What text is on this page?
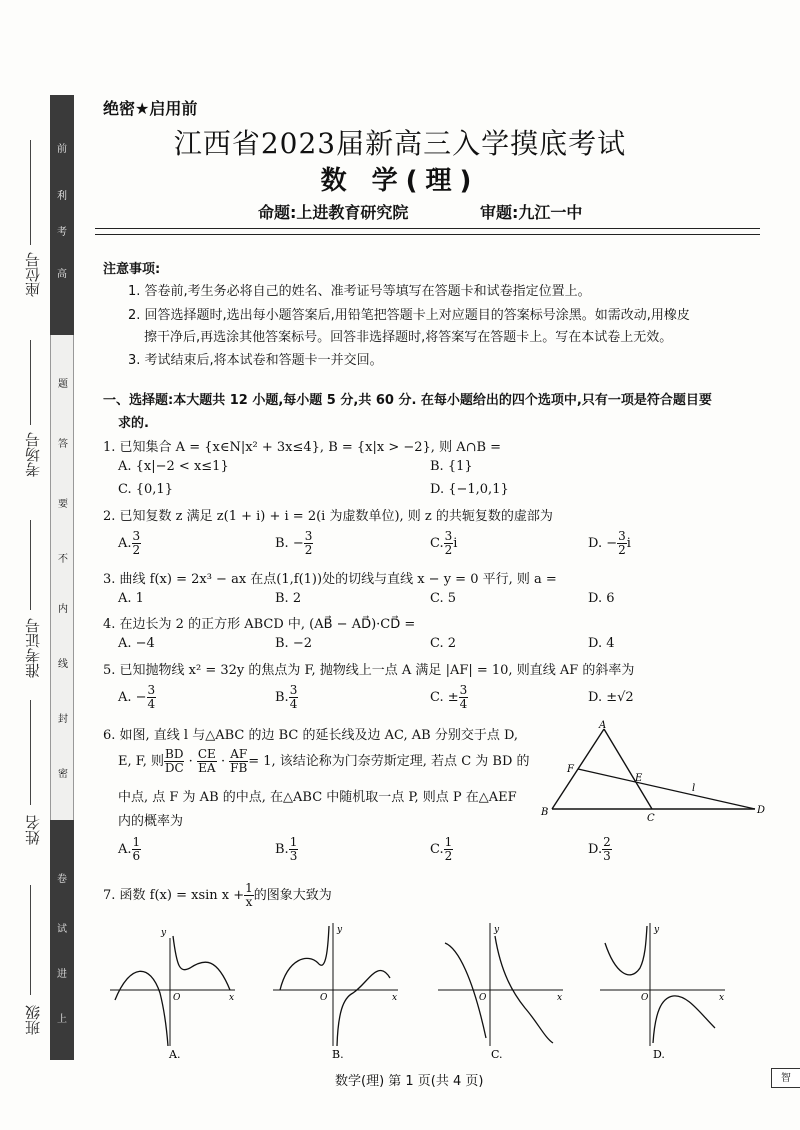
座位号
考场号
准考证号
姓名
班级
前
利
考
高
题
答
要
不
内
线
封
密
卷
试
进
上
绝密★启用前
江西省2023届新高三入学摸底考试
数 学(理)
命题:上进教育研究院	审题:九江一中
注意事项:
1. 答卷前,考生务必将自己的姓名、准考证号等填写在答题卡和试卷指定位置上。
2. 回答选择题时,选出每小题答案后,用铅笔把答题卡上对应题目的答案标号涂黑。如需改动,用橡皮
擦干净后,再选涂其他答案标号。回答非选择题时,将答案写在答题卡上。写在本试卷上无效。
3. 考试结束后,将本试卷和答题卡一并交回。
一、选择题:本大题共 12 小题,每小题 5 分,共 60 分. 在每小题给出的四个选项中,只有一项是符合题目要
求的.
1. 已知集合 A = {x∈N|x² + 3x≤4}, B = {x|x > −2}, 则 A∩B =
A. {x|−2 < x≤1}	B. {1}
C. {0,1}	D. {−1,0,1}
2. 已知复数 z 满足 z(1 + i) + i = 2(i 为虚数单位), 则 z 的共轭复数的虚部为
A. $\frac{3}{2}$	B. − $\frac{3}{2}$	C. $\frac{3}{2}$ i	D. − $\frac{3}{2}$ i
3. 曲线 f(x) = 2x³ − ax 在点(1,f(1))处的切线与直线 x − y = 0 平行, 则 a =
A. 1	B. 2	C. 5	D. 6
4. 在边长为 2 的正方形 ABCD 中, (AB⃗ − AD⃗)·CD⃗ =
A. −4	B. −2	C. 2	D. 4
5. 已知抛物线 x² = 32y 的焦点为 F, 抛物线上一点 A 满足 |AF| = 10, 则直线 AF 的斜率为
A. − $\frac{3}{4}$	B. $\frac{3}{4}$	C. ± $\frac{3}{4}$	D. ±√2
6. 如图, 直线 l 与△ABC 的边 BC 的延长线及边 AC, AB 分别交于点 D,
E, F, 则 $\frac{BD}{DC} \cdot \frac{CE}{EA} \cdot \frac{AF}{FB} = 1$, 该结论称为门奈劳斯定理, 若点 C 为 BD 的
中点, 点 F 为 AB 的中点, 在△ABC 中随机取一点 P, 则点 P 在△AEF
内的概率为
A. $\frac{1}{6}$	B. $\frac{1}{3}$	C. $\frac{1}{2}$	D. $\frac{2}{3}$
A
B
C
D
E
F
l
7. 函数 f(x) = xsin $x + \frac{1}{x}$ 的图象大致为
x
y
O
A.
x
y
O
B.
x
y
O
C.
x
y
O
D.
数学(理) 第 1 页(共 4 页)	智
